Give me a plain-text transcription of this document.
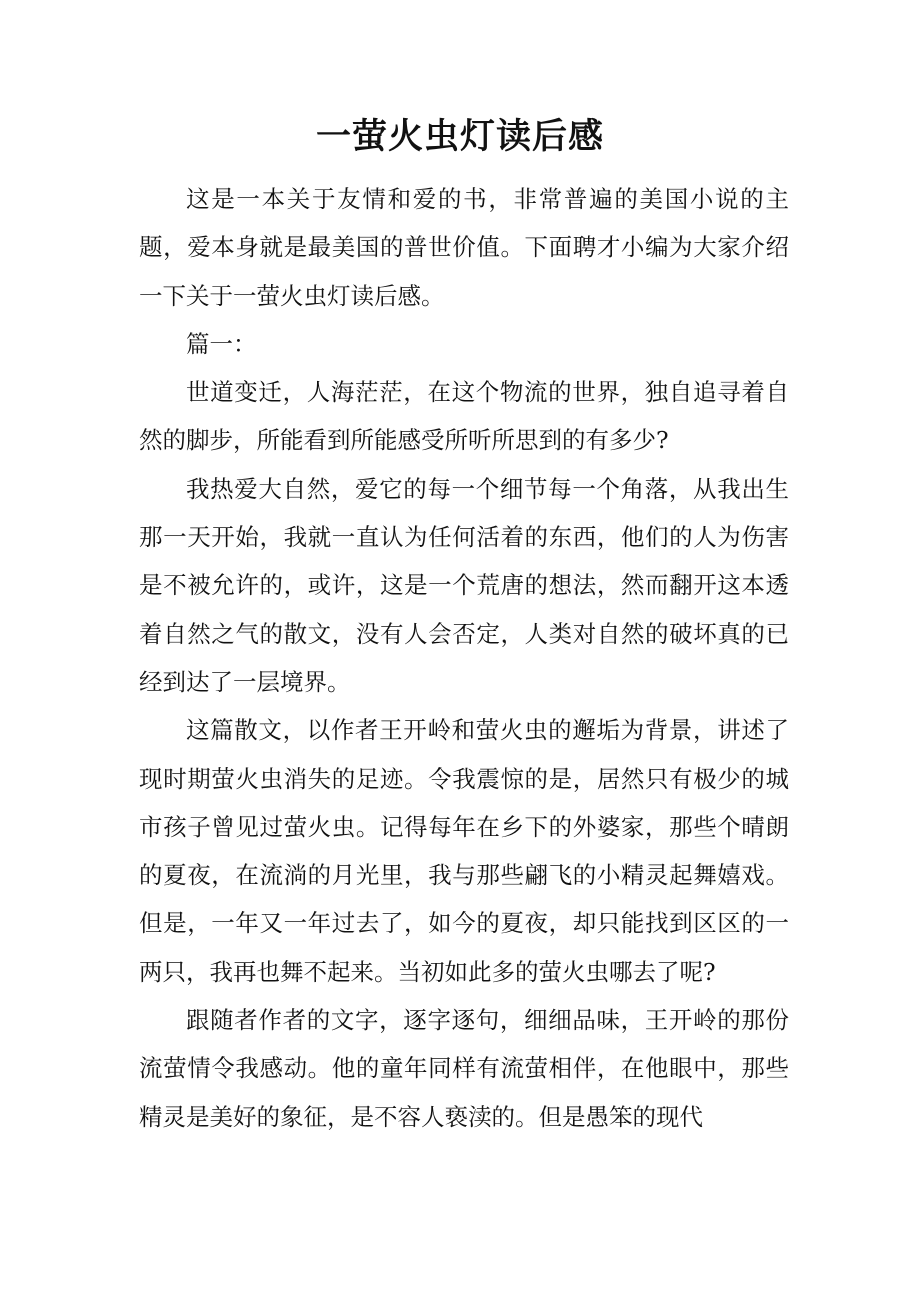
一萤火虫灯读后感

这是一本关于友情和爱的书，非常普遍的美国小说的主题，爱本身就是最美国的普世价值。下面聘才小编为大家介绍一下关于一萤火虫灯读后感。

篇一：

世道变迁，人海茫茫，在这个物流的世界，独自追寻着自然的脚步，所能看到所能感受所听所思到的有多少?

我热爱大自然，爱它的每一个细节每一个角落，从我出生那一天开始，我就一直认为任何活着的东西，他们的人为伤害是不被允许的，或许，这是一个荒唐的想法，然而翻开这本透着自然之气的散文，没有人会否定，人类对自然的破坏真的已经到达了一层境界。

这篇散文，以作者王开岭和萤火虫的邂垢为背景，讲述了现时期萤火虫消失的足迹。令我震惊的是，居然只有极少的城市孩子曾见过萤火虫。记得每年在乡下的外婆家，那些个晴朗的夏夜，在流淌的月光里，我与那些翩飞的小精灵起舞嬉戏。但是，一年又一年过去了，如今的夏夜，却只能找到区区的一两只，我再也舞不起来。当初如此多的萤火虫哪去了呢?

跟随者作者的文字，逐字逐句，细细品味，王开岭的那份流萤情令我感动。他的童年同样有流萤相伴，在他眼中，那些精灵是美好的象征，是不容人亵渎的。但是愚笨的现代
